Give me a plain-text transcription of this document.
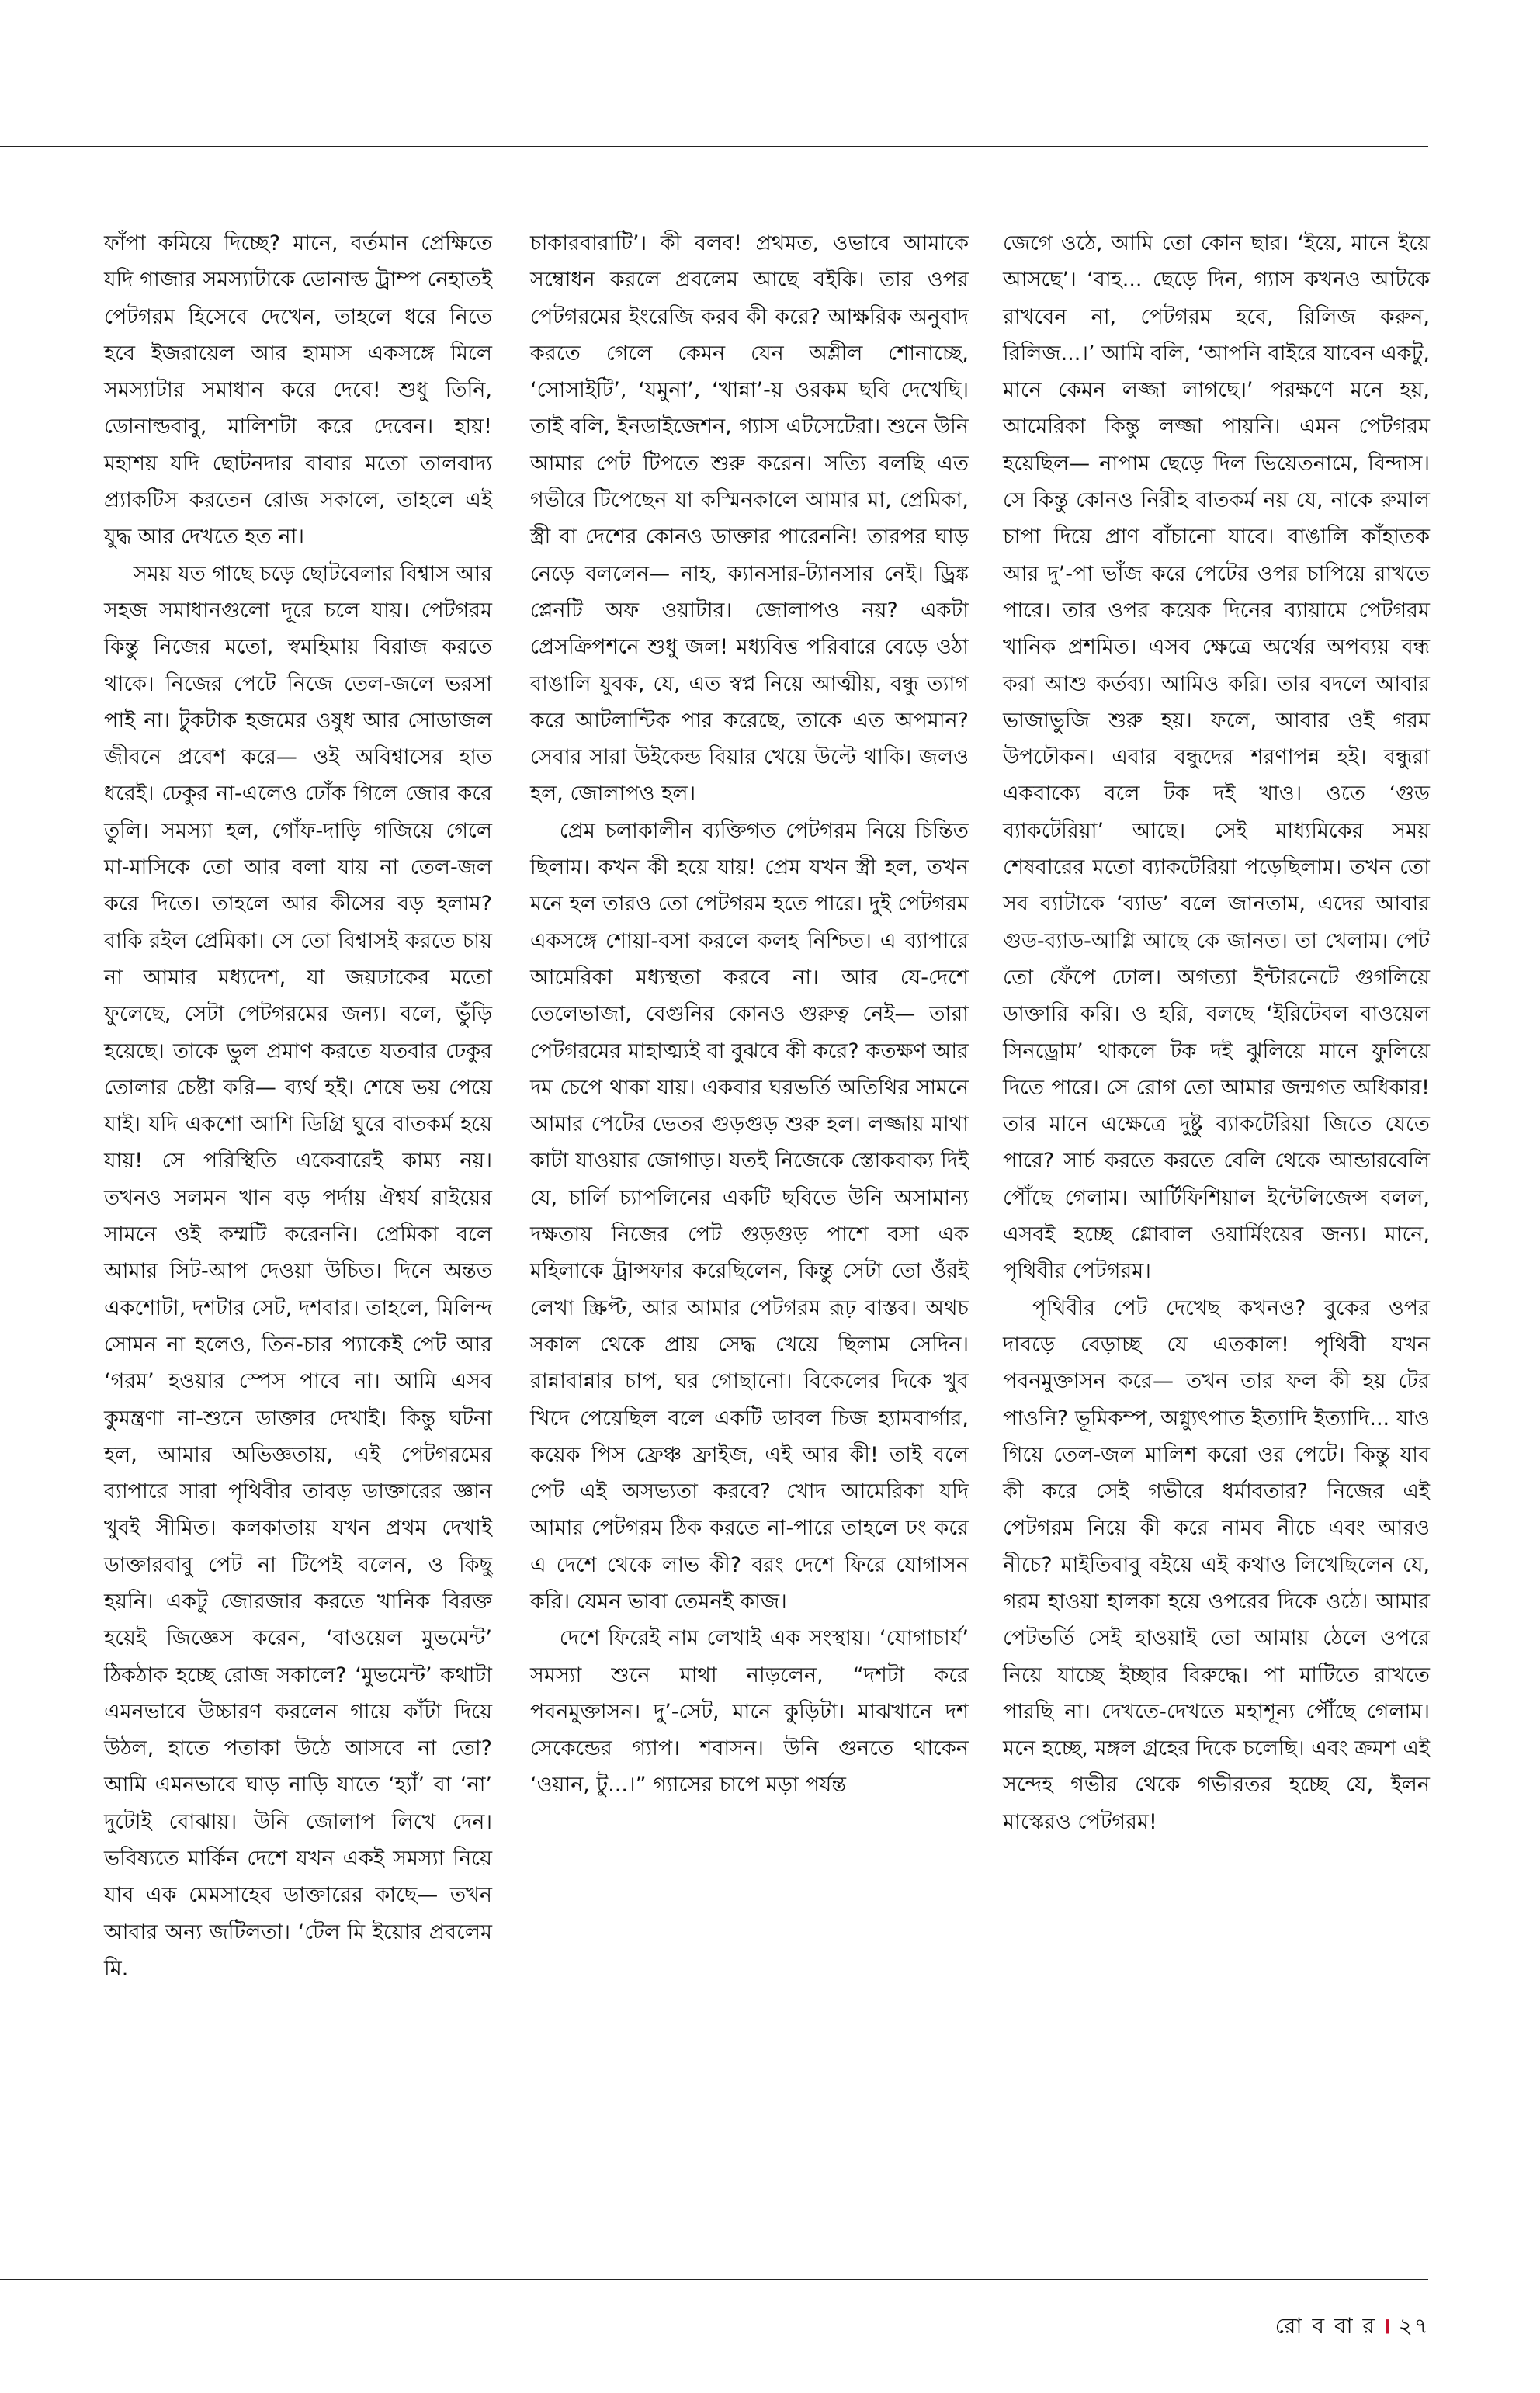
ফাঁপা কমিয়ে দিচ্ছে? মানে, বর্তমান প্রেক্ষিতে যদি গাজার সমস্যাটাকে ডোনাল্ড ট্রাম্প নেহাতই পেটগরম হিসেবে দেখেন, তাহলে ধরে নিতে হবে ইজরায়েল আর হামাস একসঙ্গে মিলে সমস্যাটার সমাধান করে দেবে! শুধু তিনি, ডোনাল্ডবাবু, মালিশটা করে দেবেন। হায়! মহাশয় যদি ছোটনদার বাবার মতো তালবাদ্য প্র্যাকটিস করতেন রোজ সকালে, তাহলে এই যুদ্ধ আর দেখতে হত না।

সময় যত গাছে চড়ে ছোটবেলার বিশ্বাস আর সহজ সমাধানগুলো দূরে চলে যায়। পেটগরম কিন্তু নিজের মতো, স্বমহিমায় বিরাজ করতে থাকে। নিজের পেটে নিজে তেল-জলে ভরসা পাই না। টুকটাক হজমের ওষুধ আর সোডাজল জীবনে প্রবেশ করে— ওই অবিশ্বাসের হাত ধরেই। ঢেকুর না-এলেও ঢোঁক গিলে জোর করে তুলি। সমস্যা হল, গোঁফ-দাড়ি গজিয়ে গেলে মা-মাসিকে তো আর বলা যায় না তেল-জল করে দিতে। তাহলে আর কীসের বড় হলাম? বাকি রইল প্রেমিকা। সে তো বিশ্বাসই করতে চায় না আমার মধ্যদেশ, যা জয়ঢাকের মতো ফুলেছে, সেটা পেটগরমের জন্য। বলে, ভুঁড়ি হয়েছে। তাকে ভুল প্রমাণ করতে যতবার ঢেকুর তোলার চেষ্টা করি— ব্যর্থ হই। শেষে ভয় পেয়ে যাই। যদি একশো আশি ডিগ্রি ঘুরে বাতকর্ম হয়ে যায়! সে পরিস্থিতি একেবারেই কাম্য নয়। তখনও সলমন খান বড় পর্দায় ঐশ্বর্য রাইয়ের সামনে ওই কম্মটি করেননি। প্রেমিকা বলে আমার সিট-আপ দেওয়া উচিত। দিনে অন্তত একশোটা, দশটার সেট, দশবার। তাহলে, মিলিন্দ সোমন না হলেও, তিন-চার প্যাকেই পেট আর ‘গরম’ হওয়ার স্পেস পাবে না। আমি এসব কুমন্ত্রণা না-শুনে ডাক্তার দেখাই। কিন্তু ঘটনা হল, আমার অভিজ্ঞতায়, এই পেটগরমের ব্যাপারে সারা পৃথিবীর তাবড় ডাক্তারের জ্ঞান খুবই সীমিত। কলকাতায় যখন প্রথম দেখাই ডাক্তারবাবু পেট না টিপেই বলেন, ও কিছু হয়নি। একটু জোরজার করতে খানিক বিরক্ত হয়েই জিজ্ঞেস করেন, ‘বাওয়েল মুভমেন্ট’ ঠিকঠাক হচ্ছে রোজ সকালে? ‘মুভমেন্ট’ কথাটা এমনভাবে উচ্চারণ করলেন গায়ে কাঁটা দিয়ে উঠল, হাতে পতাকা উঠে আসবে না তো? আমি এমনভাবে ঘাড় নাড়ি যাতে ‘হ্যাঁ’ বা ‘না’ দুটোই বোঝায়। উনি জোলাপ লিখে দেন। ভবিষ্যতে মার্কিন দেশে যখন একই সমস্যা নিয়ে যাব এক মেমসাহেব ডাক্তারের কাছে— তখন আবার অন্য জটিলতা। ‘টেল মি ইয়োর প্রবলেম মি.

চাকারবারাটি’। কী বলব! প্রথমত, ওভাবে আমাকে সম্বোধন করলে প্রবলেম আছে বইকি। তার ওপর পেটগরমের ইংরেজি করব কী করে? আক্ষরিক অনুবাদ করতে গেলে কেমন যেন অশ্লীল শোনাচ্ছে, ‘সোসাইটি’, ‘যমুনা’, ‘খান্না’-য় ওরকম ছবি দেখেছি। তাই বলি, ইনডাইজেশন, গ্যাস এটসেটেরা। শুনে উনি আমার পেট টিপতে শুরু করেন। সত্যি বলছি এত গভীরে টিপেছেন যা কস্মিনকালে আমার মা, প্রেমিকা, স্ত্রী বা দেশের কোনও ডাক্তার পারেননি! তারপর ঘাড় নেড়ে বললেন— নাহ, ক্যানসার-ট্যানসার নেই। ড্রিঙ্ক প্লেনটি অফ ওয়াটার। জোলাপও নয়? একটা প্রেসক্রিপশনে শুধু জল! মধ্যবিত্ত পরিবারে বেড়ে ওঠা বাঙালি যুবক, যে, এত স্বপ্ন নিয়ে আত্মীয়, বন্ধু ত্যাগ করে আটলান্টিক পার করেছে, তাকে এত অপমান? সেবার সারা উইকেন্ড বিয়ার খেয়ে উল্টে থাকি। জলও হল, জোলাপও হল।

প্রেম চলাকালীন ব্যক্তিগত পেটগরম নিয়ে চিন্তিত ছিলাম। কখন কী হয়ে যায়! প্রেম যখন স্ত্রী হল, তখন মনে হল তারও তো পেটগরম হতে পারে। দুই পেটগরম একসঙ্গে শোয়া-বসা করলে কলহ নিশ্চিত। এ ব্যাপারে আমেরিকা মধ্যস্থতা করবে না। আর যে-দেশে তেলেভাজা, বেগুনির কোনও গুরুত্ব নেই— তারা পেটগরমের মাহাত্ম্যই বা বুঝবে কী করে? কতক্ষণ আর দম চেপে থাকা যায়। একবার ঘরভর্তি অতিথির সামনে আমার পেটের ভেতর গুড়গুড় শুরু হল। লজ্জায় মাথা কাটা যাওয়ার জোগাড়। যতই নিজেকে স্তোকবাক্য দিই যে, চার্লি চ্যাপলিনের একটি ছবিতে উনি অসামান্য দক্ষতায় নিজের পেট গুড়গুড় পাশে বসা এক মহিলাকে ট্রান্সফার করেছিলেন, কিন্তু সেটা তো ওঁরই লেখা স্ক্রিপ্ট, আর আমার পেটগরম রূঢ় বাস্তব। অথচ সকাল থেকে প্রায় সেদ্ধ খেয়ে ছিলাম সেদিন। রান্নাবান্নার চাপ, ঘর গোছানো। বিকেলের দিকে খুব খিদে পেয়েছিল বলে একটি ডাবল চিজ হ্যামবার্গার, কয়েক পিস ফ্রেঞ্চ ফ্রাইজ, এই আর কী! তাই বলে পেট এই অসভ্যতা করবে? খোদ আমেরিকা যদি আমার পেটগরম ঠিক করতে না-পারে তাহলে ঢং করে এ দেশে থেকে লাভ কী? বরং দেশে ফিরে যোগাসন করি। যেমন ভাবা তেমনই কাজ।

দেশে ফিরেই নাম লেখাই এক সংস্থায়। ‘যোগাচার্য’ সমস্যা শুনে মাথা নাড়লেন, “দশটা করে পবনমুক্তাসন। দু’-সেট, মানে কুড়িটা। মাঝখানে দশ সেকেন্ডের গ্যাপ। শবাসন। উনি গুনতে থাকেন ‘ওয়ান, টু...।” গ্যাসের চাপে মড়া পর্যন্ত

জেগে ওঠে, আমি তো কোন ছার। ‘ইয়ে, মানে ইয়ে আসছে’। ‘বাহ... ছেড়ে দিন, গ্যাস কখনও আটকে রাখবেন না, পেটগরম হবে, রিলিজ করুন, রিলিজ...।’ আমি বলি, ‘আপনি বাইরে যাবেন একটু, মানে কেমন লজ্জা লাগছে।’ পরক্ষণে মনে হয়, আমেরিকা কিন্তু লজ্জা পায়নি। এমন পেটগরম হয়েছিল— নাপাম ছেড়ে দিল ভিয়েতনামে, বিন্দাস। সে কিন্তু কোনও নিরীহ বাতকর্ম নয় যে, নাকে রুমাল চাপা দিয়ে প্রাণ বাঁচানো যাবে। বাঙালি কাঁহাতক আর দু’-পা ভাঁজ করে পেটের ওপর চাপিয়ে রাখতে পারে। তার ওপর কয়েক দিনের ব্যায়ামে পেটগরম খানিক প্রশমিত। এসব ক্ষেত্রে অর্থের অপব্যয় বন্ধ করা আশু কর্তব্য। আমিও করি। তার বদলে আবার ভাজাভুজি শুরু হয়। ফলে, আবার ওই গরম উপঢৌকন। এবার বন্ধুদের শরণাপন্ন হই। বন্ধুরা একবাক্যে বলে টক দই খাও। ওতে ‘গুড ব্যাকটেরিয়া’ আছে। সেই মাধ্যমিকের সময় শেষবারের মতো ব্যাকটেরিয়া পড়েছিলাম। তখন তো সব ব্যাটাকে ‘ব্যাড’ বলে জানতাম, এদের আবার গুড-ব্যাড-আগ্লি আছে কে জানত। তা খেলাম। পেট তো ফেঁপে ঢোল। অগত্যা ইন্টারনেটে গুগলিয়ে ডাক্তারি করি। ও হরি, বলছে ‘ইরিটেবল বাওয়েল সিনড্রোম’ থাকলে টক দই ঝুলিয়ে মানে ফুলিয়ে দিতে পারে। সে রোগ তো আমার জন্মগত অধিকার! তার মানে এক্ষেত্রে দুষ্টু ব্যাকটেরিয়া জিতে যেতে পারে? সার্চ করতে করতে বেলি থেকে আন্ডারবেলি পৌঁছে গেলাম। আর্টিফিশিয়াল ইন্টেলিজেন্স বলল, এসবই হচ্ছে গ্লোবাল ওয়ার্মিংয়ের জন্য। মানে, পৃথিবীর পেটগরম।

পৃথিবীর পেট দেখেছ কখনও? বুকের ওপর দাবড়ে বেড়াচ্ছ যে এতকাল! পৃথিবী যখন পবনমুক্তাসন করে— তখন তার ফল কী হয় টের পাওনি? ভূমিকম্প, অগ্ন্যুৎপাত ইত্যাদি ইত্যাদি... যাও গিয়ে তেল-জল মালিশ করো ওর পেটে। কিন্তু যাব কী করে সেই গভীরে ধর্মাবতার? নিজের এই পেটগরম নিয়ে কী করে নামব নীচে এবং আরও নীচে? মাইতিবাবু বইয়ে এই কথাও লিখেছিলেন যে, গরম হাওয়া হালকা হয়ে ওপরের দিকে ওঠে। আমার পেটভর্তি সেই হাওয়াই তো আমায় ঠেলে ওপরে নিয়ে যাচ্ছে ইচ্ছার বিরুদ্ধে। পা মাটিতে রাখতে পারছি না। দেখতে-দেখতে মহাশূন্য পৌঁছে গেলাম। মনে হচ্ছে, মঙ্গল গ্রহের দিকে চলেছি। এবং ক্রমশ এই সন্দেহ গভীর থেকে গভীরতর হচ্ছে যে, ইলন মাস্কেরও পেটগরম!

রো ব বা র । ২৭
